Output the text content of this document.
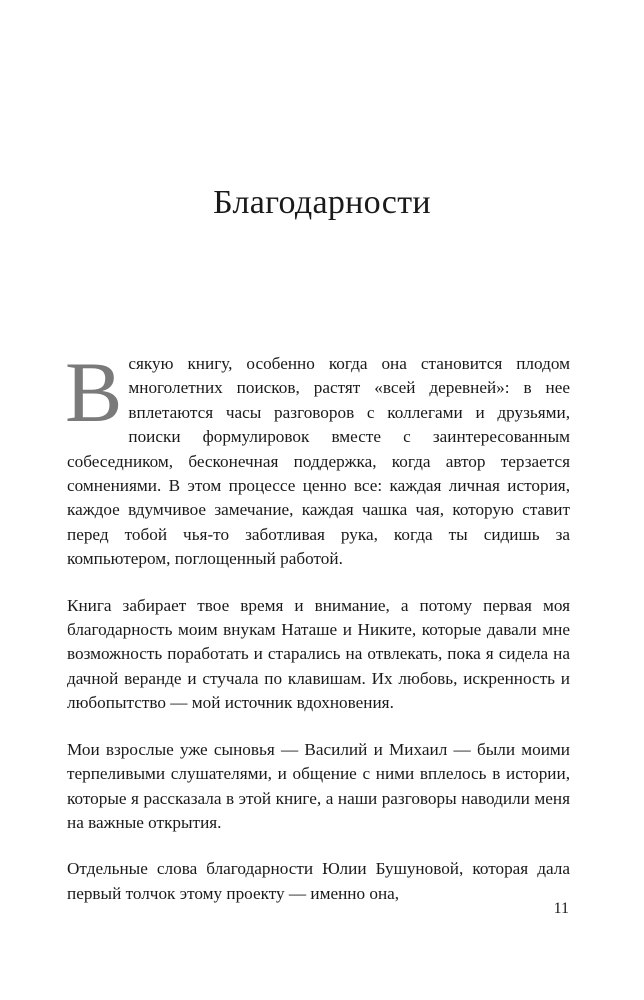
Благодарности

Всякую книгу, особенно когда она становится плодом многолетних поисков, растят «всей деревней»: в нее вплетаются часы разговоров с коллегами и друзьями, поиски формулировок вместе с заинтересованным собеседником, бесконечная поддержка, когда автор терзается сомнениями. В этом процессе ценно все: каждая личная история, каждое вдумчивое замечание, каждая чашка чая, которую ставит перед тобой чья-то заботливая рука, когда ты сидишь за компьютером, поглощенный работой.

Книга забирает твое время и внимание, а потому первая моя благодарность моим внукам Наташе и Никите, которые давали мне возможность поработать и старались на отвлекать, пока я сидела на дачной веранде и стучала по клавишам. Их любовь, искренность и любопытство — мой источник вдохновения.

Мои взрослые уже сыновья — Василий и Михаил — были моими терпеливыми слушателями, и общение с ними вплелось в истории, которые я рассказала в этой книге, а наши разговоры наводили меня на важные открытия.

Отдельные слова благодарности Юлии Бушуновой, которая дала первый толчок этому проекту — именно она,

11
